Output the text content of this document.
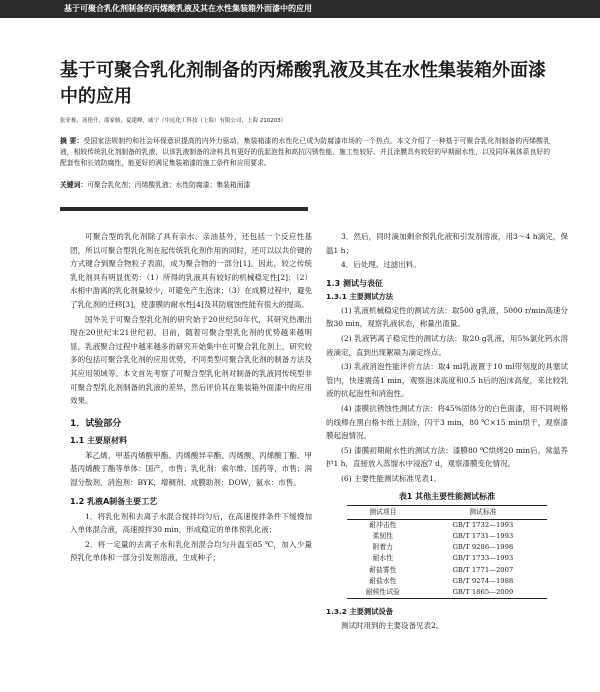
基于可聚合乳化剂制备的丙烯酸乳液及其在水性集装箱外面漆中的应用
基于可聚合乳化剂制备的丙烯酸乳液及其在水性集装箱外面漆中的应用
张亚栋，汤艳升，邵家骏，夏建峰，戚宁（中远化工科技（上海）有限公司，上海 210203）
摘 要：受国家法规制约和社会环保意识提高的内外力驱动，集装箱漆的水性化已成为防腐漆市场的一个热点。本文介绍了一种基于可聚合乳化剂制备的丙烯酸乳液，相较传统乳化剂制备的乳液，以该乳液制备的涂料具有更好的低起泡性和高抗闪锈性能、施工性较好、并且涂膜具有较好的早期耐水性，以及同环氧体系良好的配套性和长效防腐性，能更好的满足集装箱漆的施工条件和应用要求。
关键词：可聚合乳化剂；丙烯酸乳液；水性防腐漆；集装箱面漆

可聚合型的乳化剂除了具有亲水、亲油基外，还包括一个反应性基团，所以可聚合型乳化剂在起传统乳化剂作用的同时，还可以以共价键的方式键合到聚合物粒子表面，成为聚合物的一部分[1]。因此，较之传统乳化剂具有明显优势：（1）所得的乳液具有较好的机械稳定性[2]；（2）水相中游离的乳化剂量较少，可避免产生泡沫；（3）在成膜过程中，避免了乳化剂的迁移[3]，使漆膜的耐水性[4]及其防腐蚀性能有很大的提高。

国外关于可聚合型乳化剂的研究始于20世纪50年代，其研究热潮出现在20世纪末21世纪初。目前，随着可聚合型乳化剂的优势越来越明显，乳液聚合过程中越来越多的研究开始集中在可聚合乳化剂上，研究较多的包括可聚合乳化剂的应用优势，不同类型可聚合乳化剂的制备方法及其应用领域等。本文首先考察了可聚合型乳化剂对制备的乳液同传统型非可聚合型乳化剂制备的乳液的差异，然后评价其在集装箱外面漆中的应用效果。

1．试验部分
1.1 主要原材料

苯乙烯、甲基丙烯酸甲酯、丙烯酸异辛酯、丙烯酸、丙烯酸丁酯、甲基丙烯酸丁酯等单体：国产，市售；乳化剂：索尔维、国药等，市售；润湿分散剂、消泡剂：BYK，增稠剂、成膜助剂：DOW，氨水：市售。

1.2 乳液A制备主要工艺

1．将乳化剂和去离子水混合搅拌均匀后，在高速搅拌条件下缓慢加入单体混合液，高速搅拌30 min，形成稳定的单体预乳化液；

2．将一定量的去离子水和乳化剂混合均匀升温至85 ℃，加入少量预乳化单体和一部分引发剂溶液，生成种子；

3．然后，同时滴加剩余预乳化液和引发剂溶液，用3～4 h滴完，保温1 h；

4．后处理、过滤出料。

1.3 测试与表征
1.3.1 主要测试方法

(1) 乳液机械稳定性的测试方法：取500 g乳液，5000 r/min高速分散30 min，观察乳液状态，称量出渣量。

(2) 乳液钙离子稳定性的测试方法：取20 g乳液，用5%氯化钙水溶液滴定，直到出现絮凝为滴定终点。

(3) 乳液消泡性能评价方法：取4 ml乳液置于10 ml带刻度的具塞试管内，快速震荡1 min，观察泡沫高度和0.5 h后的泡沫高度，来比较乳液的抗起泡性和消泡性。

(4) 漆膜抗锈蚀性测试方法：将45%固体分的白色面漆，用不同规格的线棒在黑白格卡纸上刮涂，闪干3 min，80 ℃×15 min烘干，观察漆膜起泡情况。

(5) 漆膜初期耐水性的测试方法：漆膜80 ℃烘烤20 min后，常温养护1 h，直接放入蒸馏水中浸泡7 d，观察漆膜变化情况。

(6) 主要性能测试标准见表1。

表1 其他主要性能测试标准
测试项目	测试标准
耐冲击性	GB/T 1732—1993
柔韧性	GB/T 1731—1993
附着力	GB/T 9286—1998
耐水性	GB/T 1733—1993
耐盐雾性	GB/T 1771—2007
耐盐水性	GB/T 9274—1988
耐候性试验	GB/T 1865—2009
1.3.2 主要测试设备

测试时用到的主要设备见表2。
